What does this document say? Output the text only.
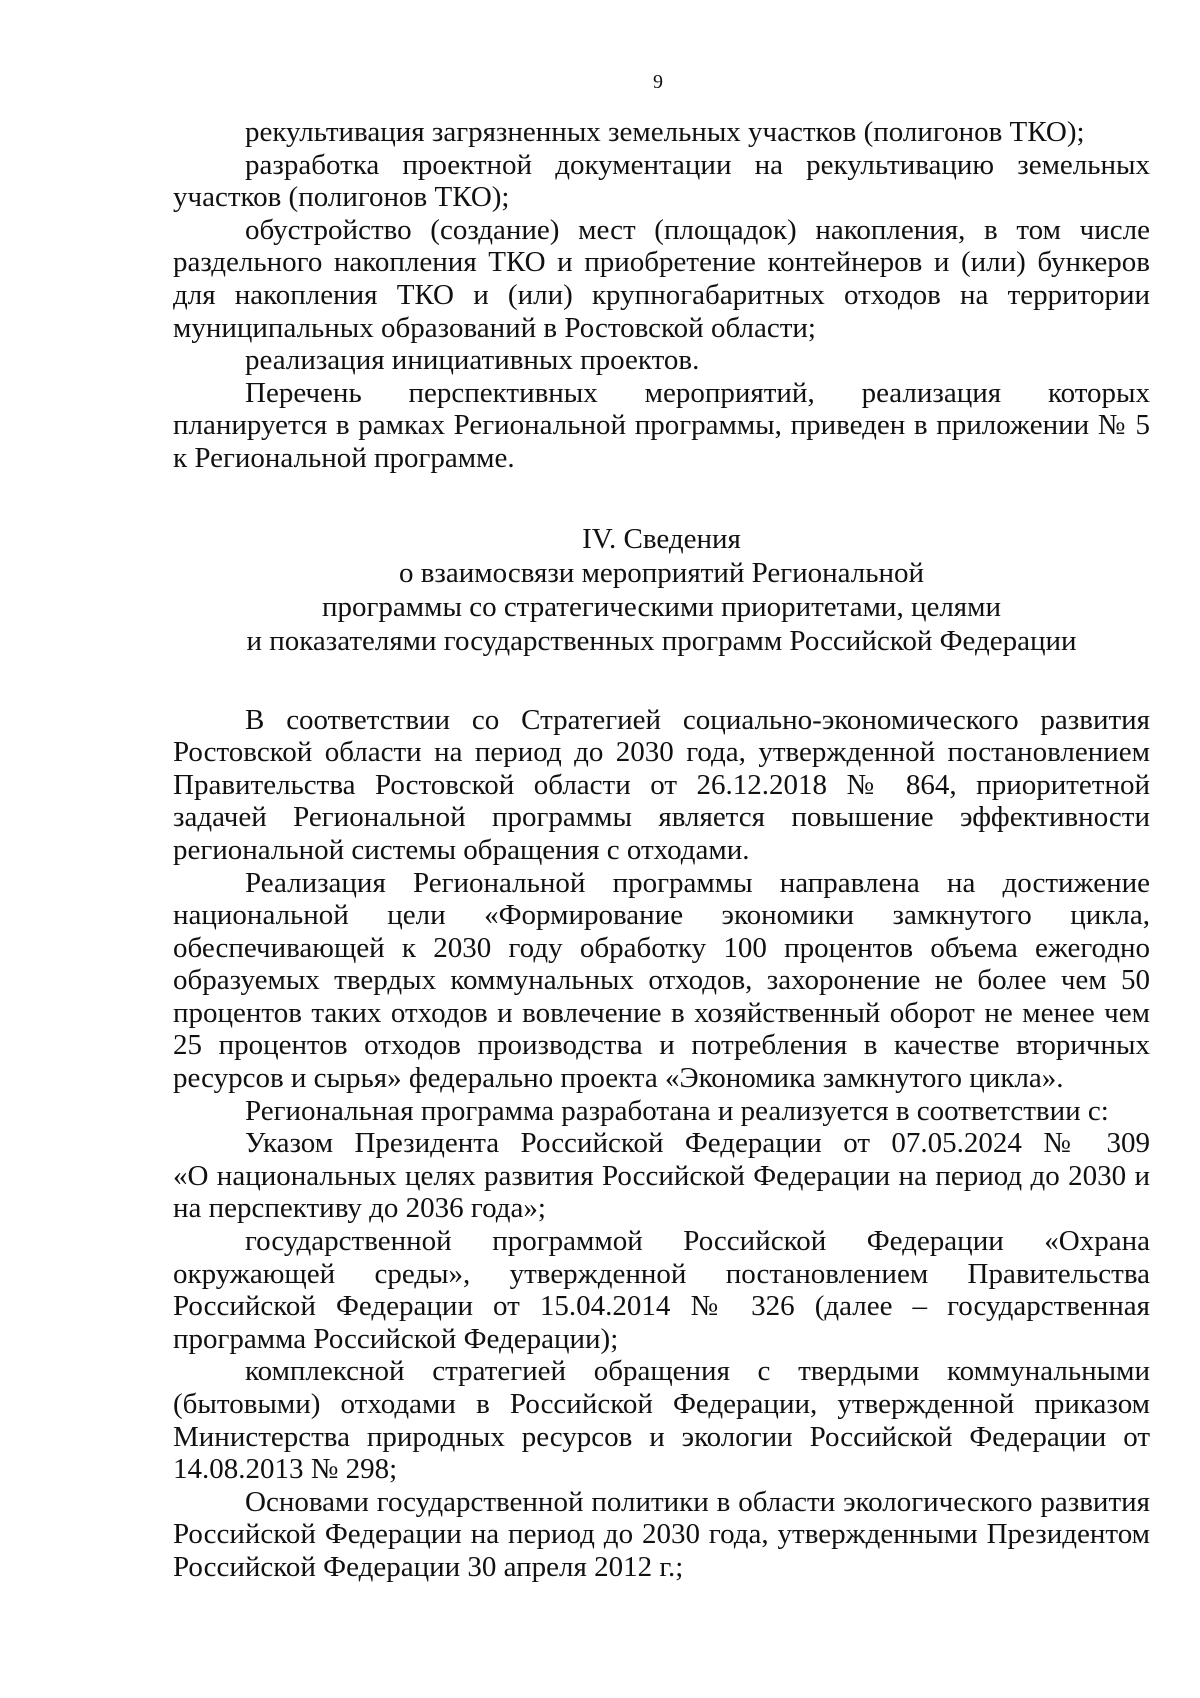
9

рекультивация загрязненных земельных участков (полигонов ТКО);

разработка проектной документации на рекультивацию земельных участков (полигонов ТКО);

обустройство (создание) мест (площадок) накопления, в том числе раздельного накопления ТКО и приобретение контейнеров и (или) бункеров для накопления ТКО и (или) крупногабаритных отходов на территории муниципальных образований в Ростовской области;

реализация инициативных проектов.

Перечень перспективных мероприятий, реализация которых планируется в рамках Региональной программы, приведен в приложении № 5 к Региональной программе.

IV. Сведения
о взаимосвязи мероприятий Региональной
программы со стратегическими приоритетами, целями
и показателями государственных программ Российской Федерации

В соответствии со Стратегией социально-экономического развития Ростовской области на период до 2030 года, утвержденной постановлением Правительства Ростовской области от 26.12.2018 № 864, приоритетной задачей Региональной программы является повышение эффективности региональной системы обращения с отходами.

Реализация Региональной программы направлена на достижение национальной цели «Формирование экономики замкнутого цикла, обеспечивающей к 2030 году обработку 100 процентов объема ежегодно образуемых твердых коммунальных отходов, захоронение не более чем 50 процентов таких отходов и вовлечение в хозяйственный оборот не менее чем 25 процентов отходов производства и потребления в качестве вторичных ресурсов и сырья» федерально проекта «Экономика замкнутого цикла».

Региональная программа разработана и реализуется в соответствии с:

Указом Президента Российской Федерации от 07.05.2024 № 309
«О национальных целях развития Российской Федерации на период до 2030 и на перспективу до 2036 года»;

государственной программой Российской Федерации «Охрана окружающей среды», утвержденной постановлением Правительства Российской Федерации от 15.04.2014 № 326 (далее – государственная программа Российской Федерации);

комплексной стратегией обращения с твердыми коммунальными (бытовыми) отходами в Российской Федерации, утвержденной приказом Министерства природных ресурсов и экологии Российской Федерации от 14.08.2013 № 298;

Основами государственной политики в области экологического развития Российской Федерации на период до 2030 года, утвержденными Президентом Российской Федерации 30 апреля 2012 г.;
